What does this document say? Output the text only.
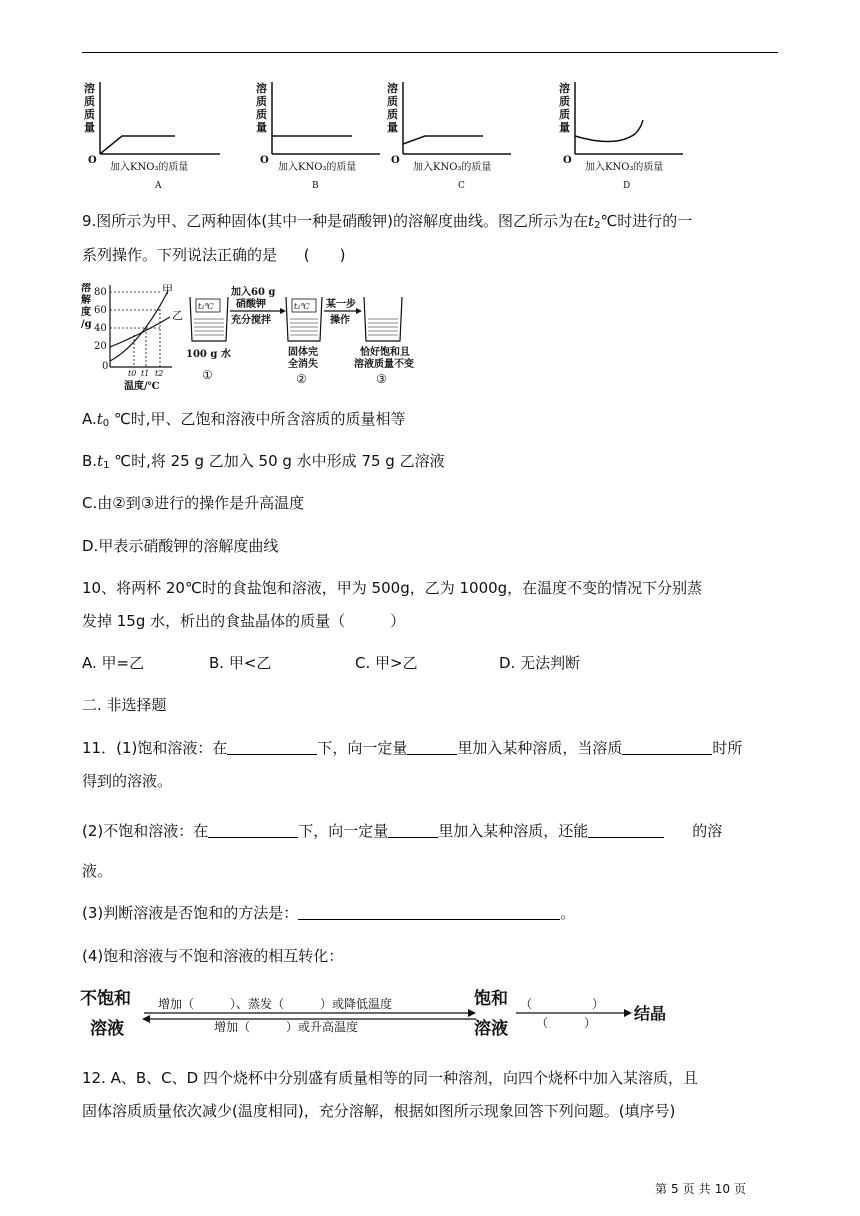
溶
质
质
量
O
加入KNO₃的质量
A
溶
质
质
量
O
加入KNO₃的质量
B
溶
质
质
量
O
加入KNO₃的质量
C
溶
质
质
量
O
加入KNO₃的质量
D
9.图所示为甲、乙两种固体(其中一种是硝酸钾)的溶解度曲线。图乙所示为在$t_2℃$时进行的一
系列操作。下列说法正确的是 (　　)
溶
解
度
/g
80
60
40
20
0
甲
乙
t0 t1 t2
温度/℃
t₂℃
100 g 水
①
加入60 g
硝酸钾
充分搅拌
t₂℃
固体完
全消失
②
某一步
操作
恰好饱和且
溶液质量不变
③
$A.t_0$ ℃时,甲、乙饱和溶液中所含溶质的质量相等
$B.t_1$ ℃时,将 25 g 乙加入 50 g 水中形成 75 g 乙溶液
C.由②到③进行的操作是升高温度
D.甲表示硝酸钾的溶解度曲线
10、将两杯 20℃时的食盐饱和溶液，甲为 500g，乙为 1000g，在温度不变的情况下分别蒸
发掉 15g 水，析出的食盐晶体的质量（　　　）
A. 甲=乙	B. 甲<乙	C. 甲>乙	D. 无法判断
二. 非选择题
11．(1)饱和溶液：在	下，向一定量	里加入某种溶质，当溶质	时所
得到的溶液。
(2)不饱和溶液：在	下，向一定量	里加入某种溶质，还能	的溶
液。
(3)判断溶液是否饱和的方法是：	。
(4)饱和溶液与不饱和溶液的相互转化：
不饱和
溶液
增加（　　　）、蒸发（　　　）或降低温度
增加（　　　）或升高温度
饱和
溶液
（　　　　　）
（　　　） 结晶
12. A、B、C、D 四个烧杯中分别盛有质量相等的同一种溶剂，向四个烧杯中加入某溶质，且
固体溶质质量依次减少(温度相同)，充分溶解，根据如图所示现象回答下列问题。(填序号)
第 5 页 共 10 页
